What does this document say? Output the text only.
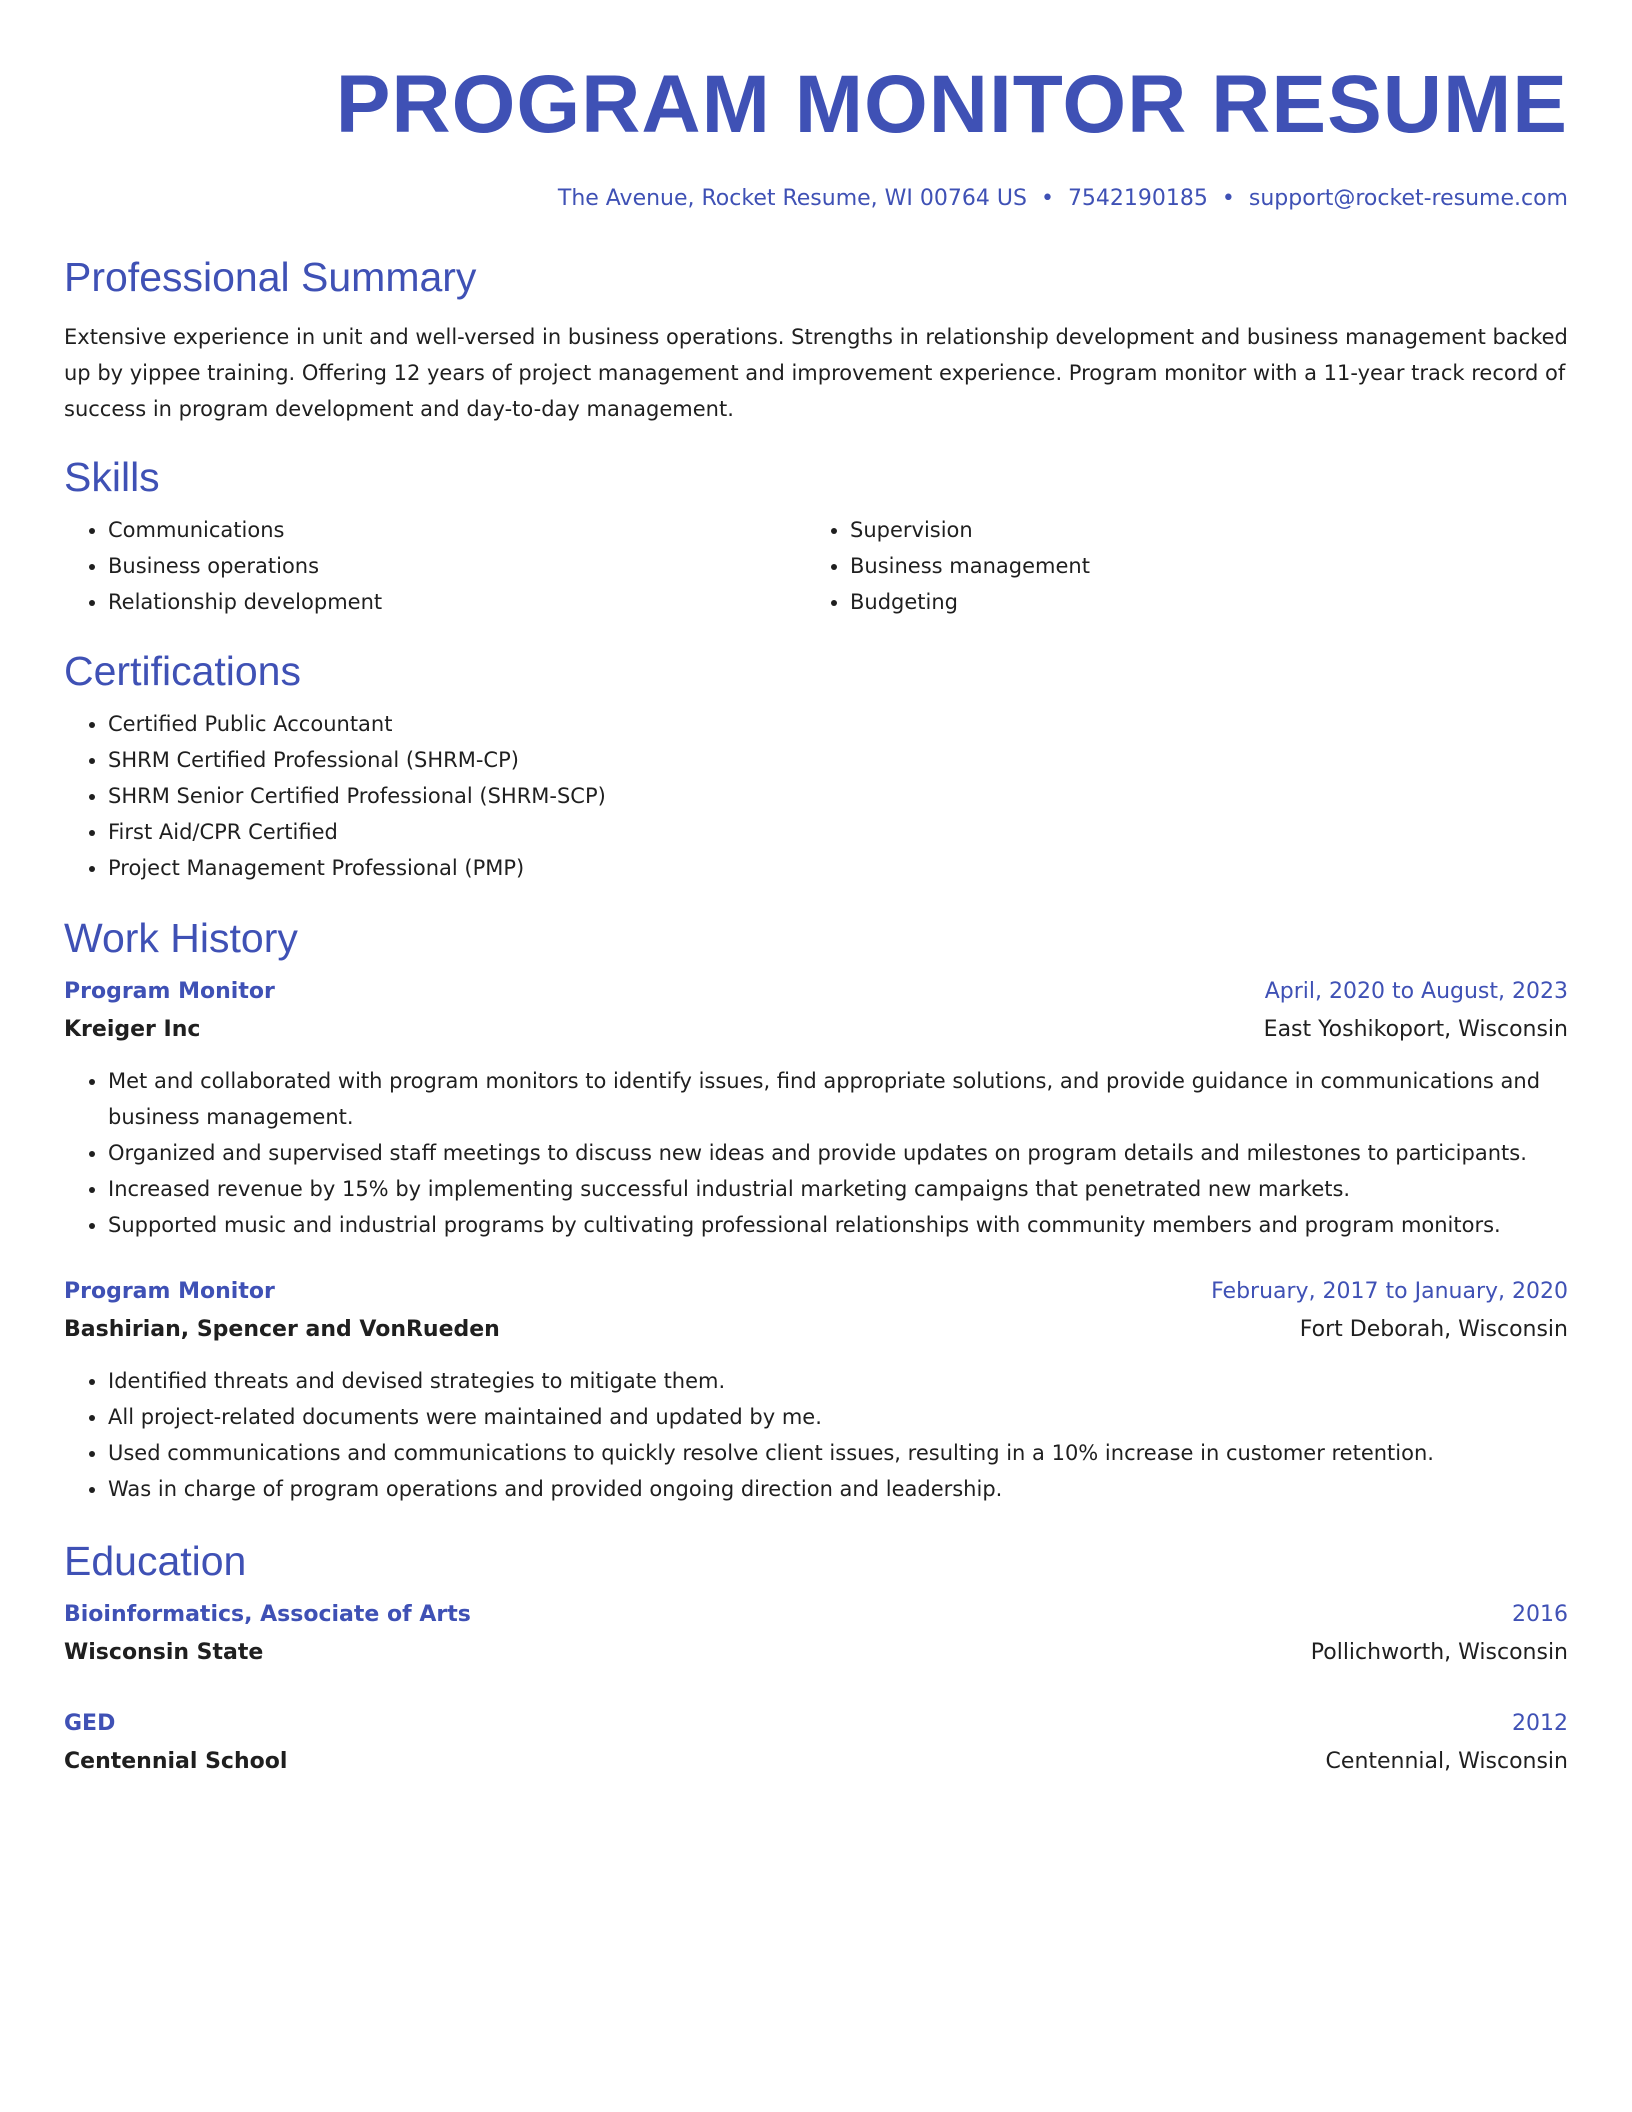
PROGRAM MONITOR RESUME
The Avenue, Rocket Resume, WI 00764 US • 7542190185 • support@rocket-resume.com
Professional Summary
Extensive experience in unit and well-versed in business operations. Strengths in relationship development and business management backed up by yippee training. Offering 12 years of project management and improvement experience. Program monitor with a 11-year track record of success in program development and day-to-day management.
Skills
• Communications
• Business operations
• Relationship development
• Supervision
• Business management
• Budgeting
Certifications
• Certified Public Accountant
• SHRM Certified Professional (SHRM-CP)
• SHRM Senior Certified Professional (SHRM-SCP)
• First Aid/CPR Certified
• Project Management Professional (PMP)
Work History
Program Monitor	April, 2020 to August, 2023
Kreiger Inc	East Yoshikoport, Wisconsin
• Met and collaborated with program monitors to identify issues, find appropriate solutions, and provide guidance in communications and business management.
• Organized and supervised staff meetings to discuss new ideas and provide updates on program details and milestones to participants.
• Increased revenue by 15% by implementing successful industrial marketing campaigns that penetrated new markets.
• Supported music and industrial programs by cultivating professional relationships with community members and program monitors.
Program Monitor	February, 2017 to January, 2020
Bashirian, Spencer and VonRueden	Fort Deborah, Wisconsin
• Identified threats and devised strategies to mitigate them.
• All project-related documents were maintained and updated by me.
• Used communications and communications to quickly resolve client issues, resulting in a 10% increase in customer retention.
• Was in charge of program operations and provided ongoing direction and leadership.
Education
Bioinformatics, Associate of Arts	2016
Wisconsin State	Pollichworth, Wisconsin
GED	2012
Centennial School	Centennial, Wisconsin
